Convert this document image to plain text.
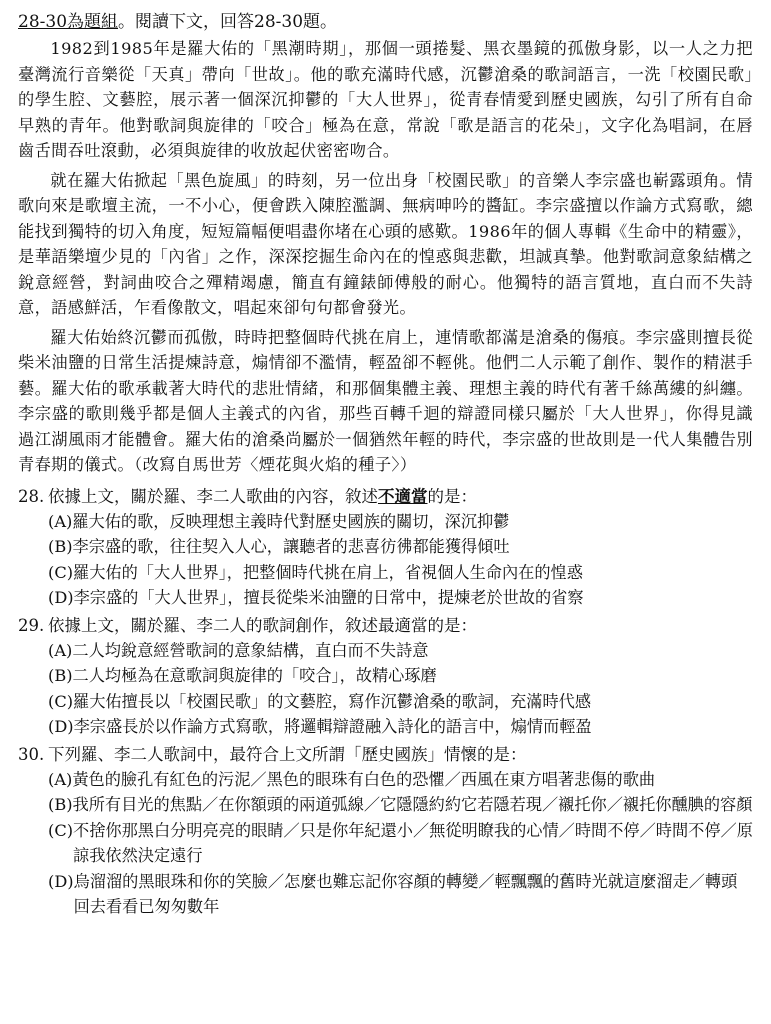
28-30為題組。閱讀下文，回答28-30題。

1982到1985年是羅大佑的「黑潮時期」，那個一頭捲髮、黑衣墨鏡的孤傲身影，以一人之力把臺灣流行音樂從「天真」帶向「世故」。他的歌充滿時代感，沉鬱滄桑的歌詞語言，一洗「校園民歌」的學生腔、文藝腔，展示著一個深沉抑鬱的「大人世界」，從青春情愛到歷史國族，勾引了所有自命早熟的青年。他對歌詞與旋律的「咬合」極為在意，常說「歌是語言的花朵」，文字化為唱詞，在唇齒舌間吞吐滾動，必須與旋律的收放起伏密密吻合。

就在羅大佑掀起「黑色旋風」的時刻，另一位出身「校園民歌」的音樂人李宗盛也嶄露頭角。情歌向來是歌壇主流，一不小心，便會跌入陳腔濫調、無病呻吟的醬缸。李宗盛擅以作論方式寫歌，總能找到獨特的切入角度，短短篇幅便唱盡你堵在心頭的感歎。1986年的個人專輯《生命中的精靈》，是華語樂壇少見的「內省」之作，深深挖掘生命內在的惶惑與悲歡，坦誠真摯。他對歌詞意象結構之銳意經營，對詞曲咬合之殫精竭慮，簡直有鐘錶師傅般的耐心。他獨特的語言質地，直白而不失詩意，語感鮮活，乍看像散文，唱起來卻句句都會發光。

羅大佑始終沉鬱而孤傲，時時把整個時代挑在肩上，連情歌都滿是滄桑的傷痕。李宗盛則擅長從柴米油鹽的日常生活提煉詩意，煽情卻不濫情，輕盈卻不輕佻。他們二人示範了創作、製作的精湛手藝。羅大佑的歌承載著大時代的悲壯情緒，和那個集體主義、理想主義的時代有著千絲萬縷的糾纏。李宗盛的歌則幾乎都是個人主義式的內省，那些百轉千迴的辯證同樣只屬於「大人世界」，你得見識過江湖風雨才能體會。羅大佑的滄桑尚屬於一個猶然年輕的時代，李宗盛的世故則是一代人集體告別青春期的儀式。（改寫自馬世芳〈煙花與火焰的種子〉）

28. 依據上文，關於羅、李二人歌曲的內容，敘述不適當的是：
(A) 羅大佑的歌，反映理想主義時代對歷史國族的關切，深沉抑鬱
(B) 李宗盛的歌，往往契入人心，讓聽者的悲喜彷彿都能獲得傾吐
(C) 羅大佑的「大人世界」，把整個時代挑在肩上，省視個人生命內在的惶惑
(D) 李宗盛的「大人世界」，擅長從柴米油鹽的日常中，提煉老於世故的省察
29. 依據上文，關於羅、李二人的歌詞創作，敘述最適當的是：
(A) 二人均銳意經營歌詞的意象結構，直白而不失詩意
(B) 二人均極為在意歌詞與旋律的「咬合」，故精心琢磨
(C) 羅大佑擅長以「校園民歌」的文藝腔，寫作沉鬱滄桑的歌詞，充滿時代感
(D) 李宗盛長於以作論方式寫歌，將邏輯辯證融入詩化的語言中，煽情而輕盈
30. 下列羅、李二人歌詞中，最符合上文所謂「歷史國族」情懷的是：
(A) 黃色的臉孔有紅色的污泥／黑色的眼珠有白色的恐懼／西風在東方唱著悲傷的歌曲
(B) 我所有目光的焦點／在你額頭的兩道弧線／它隱隱約約它若隱若現／襯托你／襯托你醺腆的容顏
(C) 不捨你那黑白分明亮亮的眼睛／只是你年紀還小／無從明瞭我的心情／時間不停／時間不停／原諒我依然決定遠行
(D) 烏溜溜的黑眼珠和你的笑臉／怎麼也難忘記你容顏的轉變／輕飄飄的舊時光就這麼溜走／轉頭回去看看已匆匆數年
